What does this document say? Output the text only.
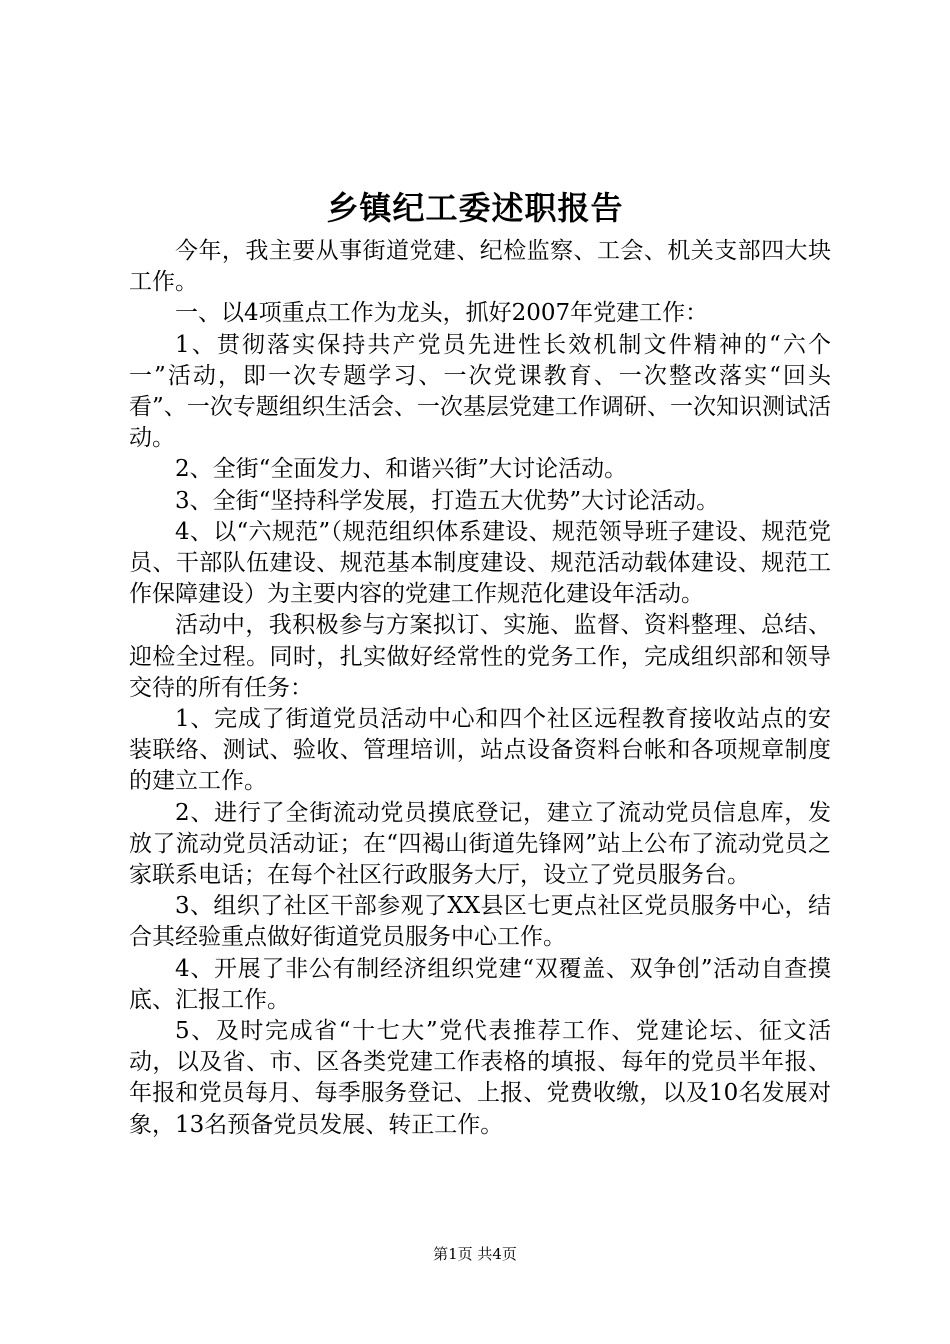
乡镇纪工委述职报告

今年，我主要从事街道党建、纪检监察、工会、机关支部四大块工作。

一、以4项重点工作为龙头，抓好2007年党建工作：

1、贯彻落实保持共产党员先进性长效机制文件精神的“六个一”活动，即一次专题学习、一次党课教育、一次整改落实“回头看”、一次专题组织生活会、一次基层党建工作调研、一次知识测试活动。

2、全街“全面发力、和谐兴街”大讨论活动。

3、全街“坚持科学发展，打造五大优势”大讨论活动。

4、以“六规范”（规范组织体系建设、规范领导班子建设、规范党员、干部队伍建设、规范基本制度建设、规范活动载体建设、规范工作保障建设）为主要内容的党建工作规范化建设年活动。

活动中，我积极参与方案拟订、实施、监督、资料整理、总结、迎检全过程。同时，扎实做好经常性的党务工作，完成组织部和领导交待的所有任务：

1、完成了街道党员活动中心和四个社区远程教育接收站点的安装联络、测试、验收、管理培训，站点设备资料台帐和各项规章制度的建立工作。

2、进行了全街流动党员摸底登记，建立了流动党员信息库，发放了流动党员活动证；在“四褐山街道先锋网”站上公布了流动党员之家联系电话；在每个社区行政服务大厅，设立了党员服务台。

3、组织了社区干部参观了XX县区七更点社区党员服务中心，结合其经验重点做好街道党员服务中心工作。

4、开展了非公有制经济组织党建“双覆盖、双争创”活动自查摸底、汇报工作。

5、及时完成省“十七大”党代表推荐工作、党建论坛、征文活动，以及省、市、区各类党建工作表格的填报、每年的党员半年报、年报和党员每月、每季服务登记、上报、党费收缴，以及10名发展对象，13名预备党员发展、转正工作。

第1页 共4页
